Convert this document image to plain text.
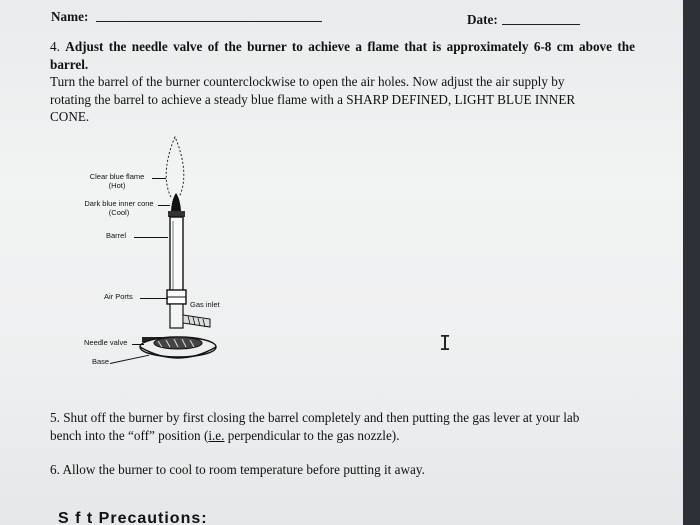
Name:	Date:
4. Adjust the needle valve of the burner to achieve a flame that is approximately 6-8 cm above the barrel.
Turn the barrel of the burner counterclockwise to open the air holes. Now adjust the air supply by
rotating the barrel to achieve a steady blue flame with a SHARP DEFINED, LIGHT BLUE INNER
CONE.
Clear blue flame
(Hot)
Dark blue inner cone
(Cool)
Barrel
Air Ports
Gas inlet
Needle valve
Base
I
5. Shut off the burner by first closing the barrel completely and then putting the gas lever at your lab
bench into the “off” position (i.e. perpendicular to the gas nozzle).
6. Allow the burner to cool to room temperature before putting it away.
S f t Precautions:
